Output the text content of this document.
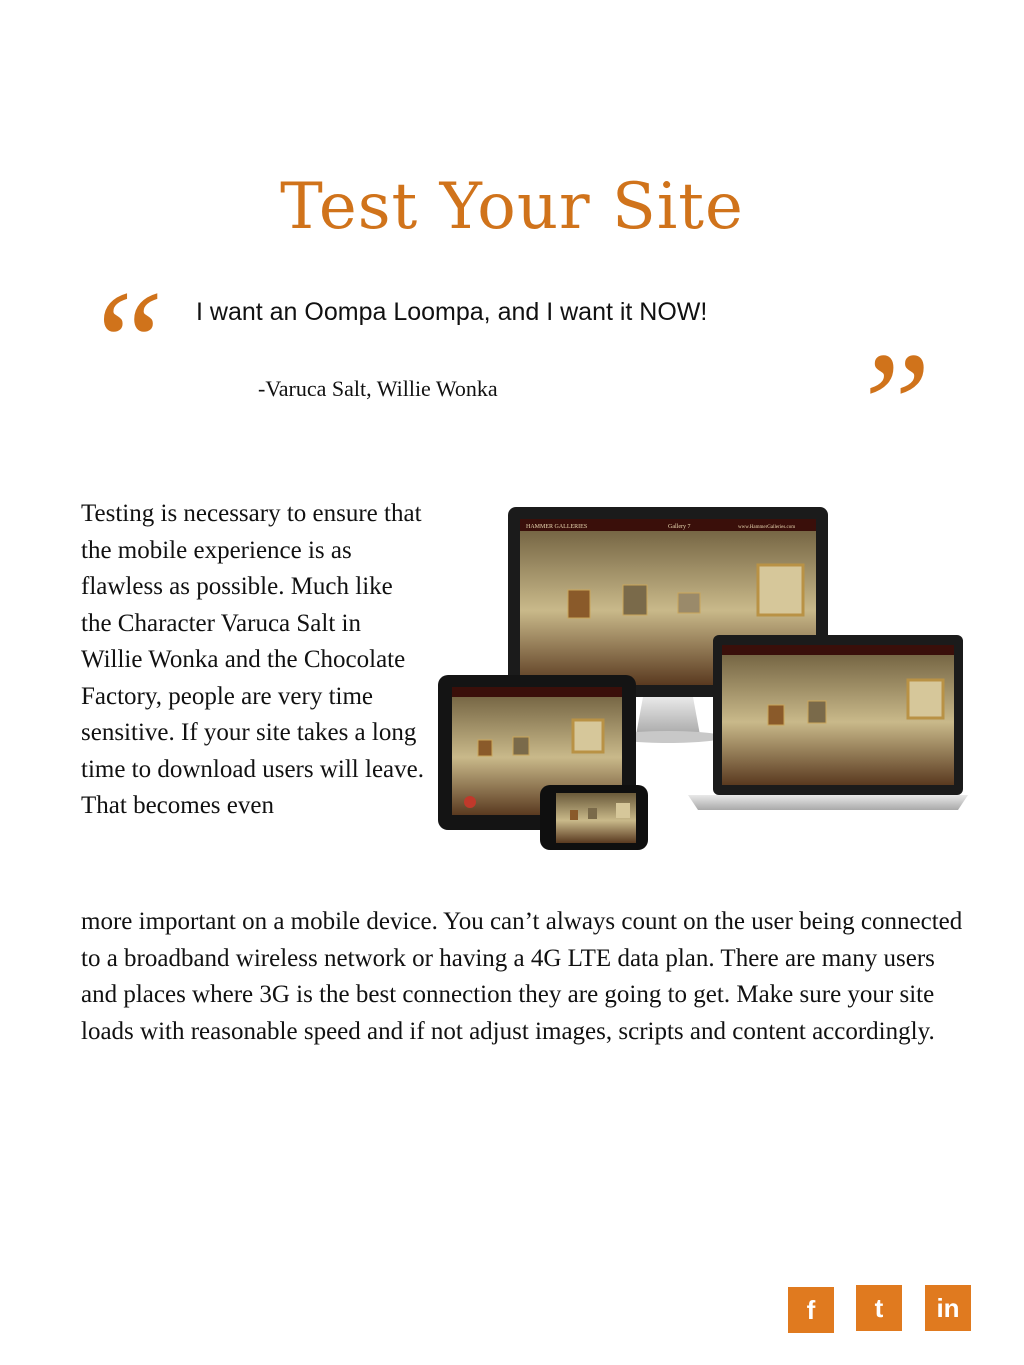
Test Your Site
“ I want an Oompa Loompa, and I want it NOW!
”
-Varuca Salt, Willie Wonka

Testing is necessary to ensure that the mobile experience is as flawless as possible. Much like the Character Varuca Salt in Willie Wonka and the Chocolate Factory, people are very time sensitive. If your site takes a long time to download users will leave. That becomes even

HAMMER GALLERIES	Gallery 7	www.HammerGalleries.com

more important on a mobile device. You can’t always count on the user being connected to a broadband wireless network or having a 4G LTE data plan. There are many users and places where 3G is the best connection they are going to get. Make sure your site loads with reasonable speed and if not adjust images, scripts and content accordingly.

f	t	in
